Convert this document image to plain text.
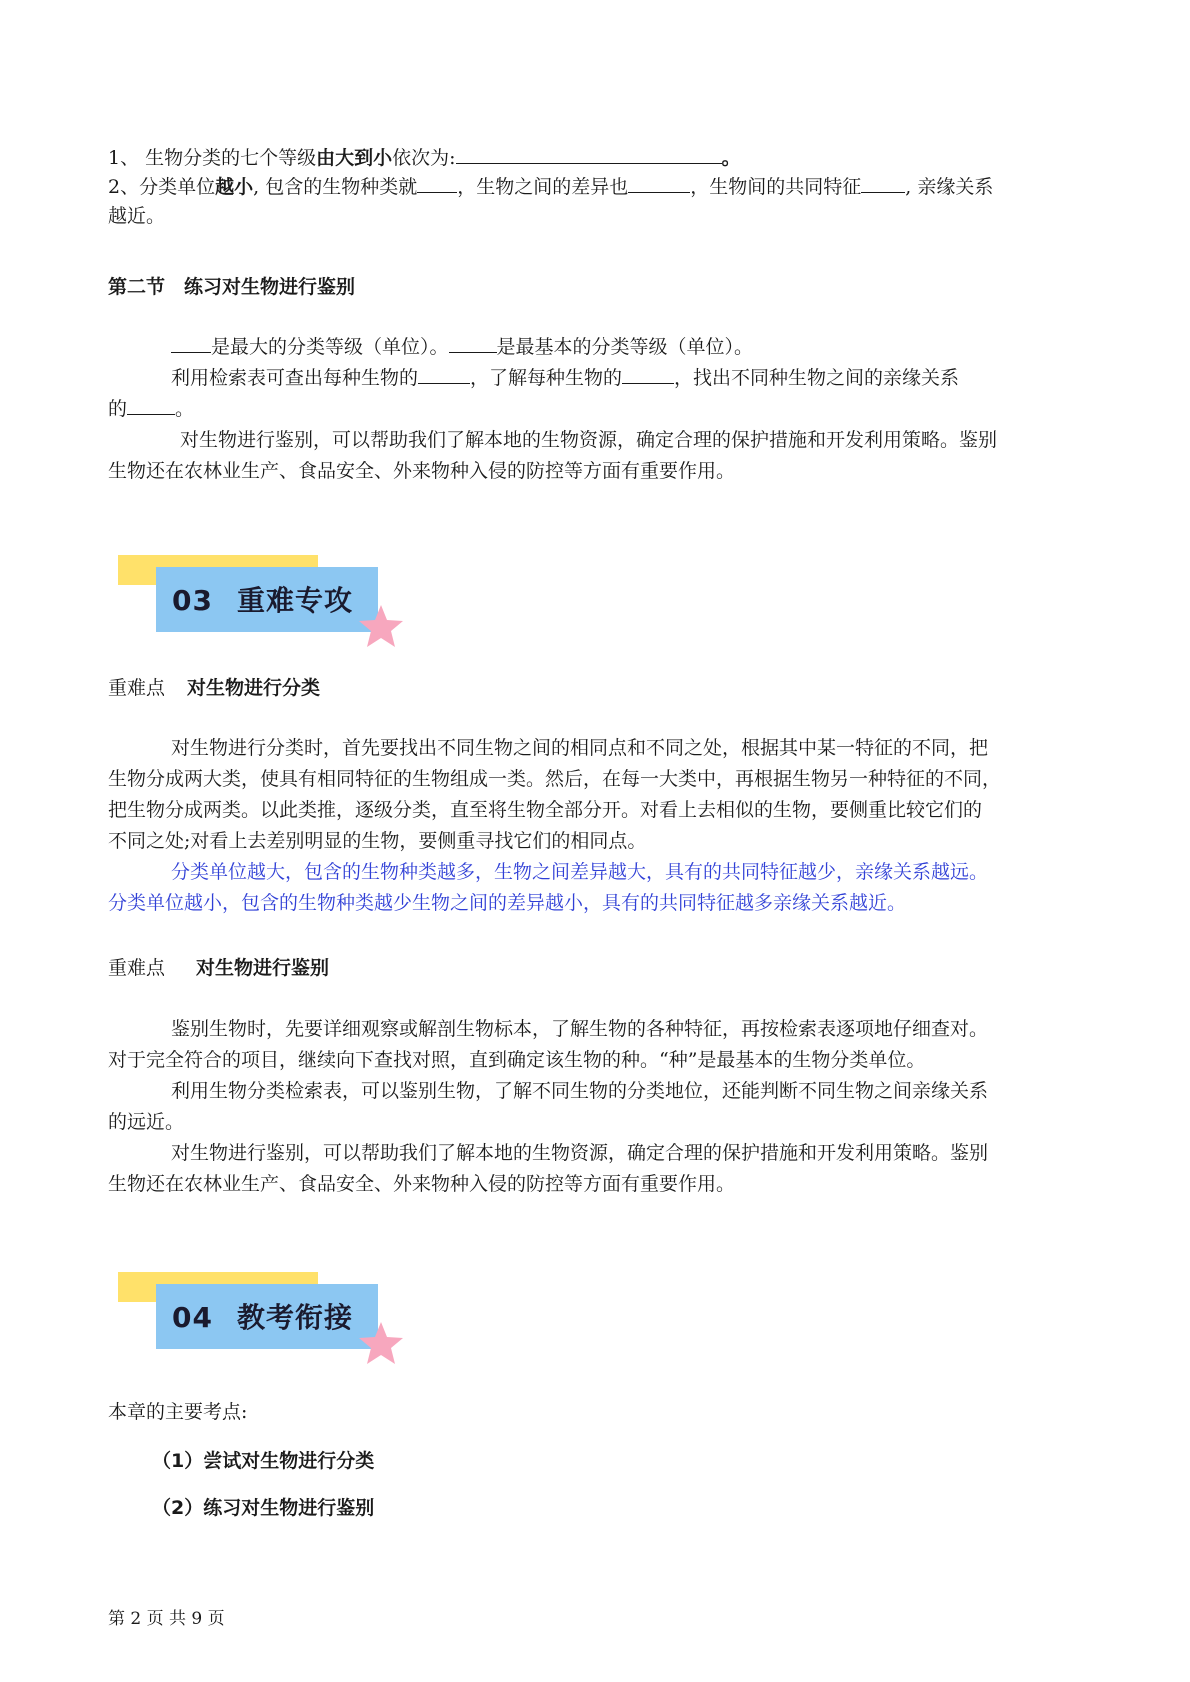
1、 生物分类的七个等级由大到小依次为:	。
2、分类单位越小, 包含的生物种类就 ，生物之间的差异也	，生物间的共同特征 , 亲缘关系
越近。
第二节　练习对生物进行鉴别
是最大的分类等级（单位）。	是最基本的分类等级（单位）。
利用检索表可查出每种生物的	，了解每种生物的	，找出不同种生物之间的亲缘关系
的	。
对生物进行鉴别，可以帮助我们了解本地的生物资源，确定合理的保护措施和开发利用策略。鉴别
生物还在农林业生产、食品安全、外来物种入侵的防控等方面有重要作用。
03 重难专攻
重难点 对生物进行分类
对生物进行分类时，首先要找出不同生物之间的相同点和不同之处，根据其中某一特征的不同，把
生物分成两大类，使具有相同特征的生物组成一类。然后，在每一大类中，再根据生物另一种特征的不同，
把生物分成两类。以此类推，逐级分类，直至将生物全部分开。对看上去相似的生物，要侧重比较它们的
不同之处;对看上去差别明显的生物，要侧重寻找它们的相同点。
分类单位越大，包含的生物种类越多，生物之间差异越大，具有的共同特征越少，亲缘关系越远。
分类单位越小，包含的生物种类越少生物之间的差异越小，具有的共同特征越多亲缘关系越近。
重难点 对生物进行鉴别
鉴别生物时，先要详细观察或解剖生物标本，了解生物的各种特征，再按检索表逐项地仔细查对。
对于完全符合的项目，继续向下查找对照，直到确定该生物的种。“种”是最基本的生物分类单位。
利用生物分类检索表，可以鉴别生物，了解不同生物的分类地位，还能判断不同生物之间亲缘关系
的远近。
对生物进行鉴别，可以帮助我们了解本地的生物资源，确定合理的保护措施和开发利用策略。鉴别
生物还在农林业生产、食品安全、外来物种入侵的防控等方面有重要作用。
04 教考衔接
本章的主要考点:
（1）尝试对生物进行分类
（2）练习对生物进行鉴别
第 2 页 共 9 页
